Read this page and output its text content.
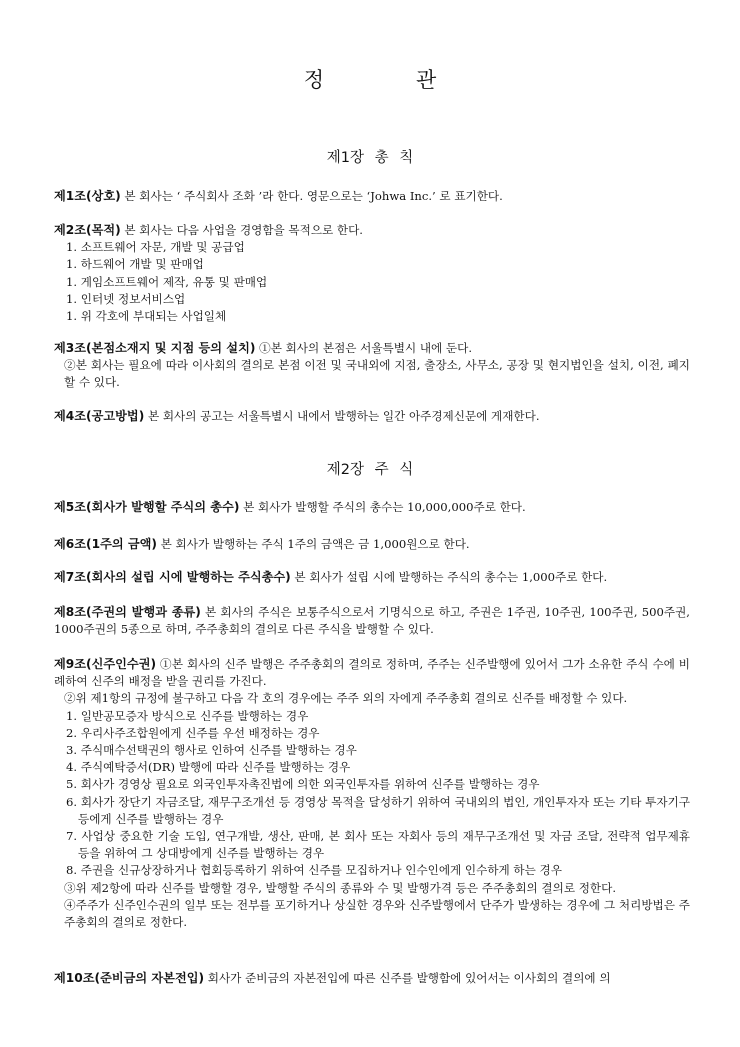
정	관
제1장 총 칙
제1조(상호) 본 회사는 ‘ 주식회사 조화 ’라 한다. 영문으로는 ‘Johwa Inc.’ 로 표기한다.
제2조(목적) 본 회사는 다음 사업을 경영함을 목적으로 한다.
1. 소프트웨어 자문, 개발 및 공급업
1. 하드웨어 개발 및 판매업
1. 게임소프트웨어 제작, 유통 및 판매업
1. 인터넷 정보서비스업
1. 위 각호에 부대되는 사업일체
제3조(본점소재지 및 지점 등의 설치) ①본 회사의 본점은 서울특별시 내에 둔다.
②본 회사는 필요에 따라 이사회의 결의로 본점 이전 및 국내외에 지점, 출장소, 사무소, 공장 및 현지법인을 설치, 이전, 폐지할 수 있다.
제4조(공고방법) 본 회사의 공고는 서울특별시 내에서 발행하는 일간 아주경제신문에 게재한다.
제2장 주 식
제5조(회사가 발행할 주식의 총수) 본 회사가 발행할 주식의 총수는 10,000,000주로 한다.
제6조(1주의 금액) 본 회사가 발행하는 주식 1주의 금액은 금 1,000원으로 한다.
제7조(회사의 설립 시에 발행하는 주식총수) 본 회사가 설립 시에 발행하는 주식의 총수는 1,000주로 한다.
제8조(주권의 발행과 종류) 본 회사의 주식은 보통주식으로서 기명식으로 하고, 주권은 1주권, 10주권, 100주권, 500주권, 1000주권의 5종으로 하며, 주주총회의 결의로 다른 주식을 발행할 수 있다.
제9조(신주인수권) ①본 회사의 신주 발행은 주주총회의 결의로 정하며, 주주는 신주발행에 있어서 그가 소유한 주식 수에 비례하여 신주의 배정을 받을 권리를 가진다.
②위 제1항의 규정에 불구하고 다음 각 호의 경우에는 주주 외의 자에게 주주총회 결의로 신주를 배정할 수 있다.
1. 일반공모증자 방식으로 신주를 발행하는 경우
2. 우리사주조합원에게 신주를 우선 배정하는 경우
3. 주식매수선택권의 행사로 인하여 신주를 발행하는 경우
4. 주식예탁증서(DR) 발행에 따라 신주를 발행하는 경우
5. 회사가 경영상 필요로 외국인투자촉진법에 의한 외국인투자를 위하여 신주를 발행하는 경우
6. 회사가 장단기 자금조달, 재무구조개선 등 경영상 목적을 달성하기 위하여 국내외의 법인, 개인투자자 또는 기타 투자기구 등에게 신주를 발행하는 경우
7. 사업상 중요한 기술 도입, 연구개발, 생산, 판매, 본 회사 또는 자회사 등의 재무구조개선 및 자금 조달, 전략적 업무제휴 등을 위하여 그 상대방에게 신주를 발행하는 경우
8. 주권을 신규상장하거나 협회등록하기 위하여 신주를 모집하거나 인수인에게 인수하게 하는 경우
③위 제2항에 따라 신주를 발행할 경우, 발행할 주식의 종류와 수 및 발행가격 등은 주주총회의 결의로 정한다.
④주주가 신주인수권의 일부 또는 전부를 포기하거나 상실한 경우와 신주발행에서 단주가 발생하는 경우에 그 처리방법은 주주총회의 결의로 정한다.
제10조(준비금의 자본전입) 회사가 준비금의 자본전입에 따른 신주를 발행함에 있어서는 이사회의 결의에 의
